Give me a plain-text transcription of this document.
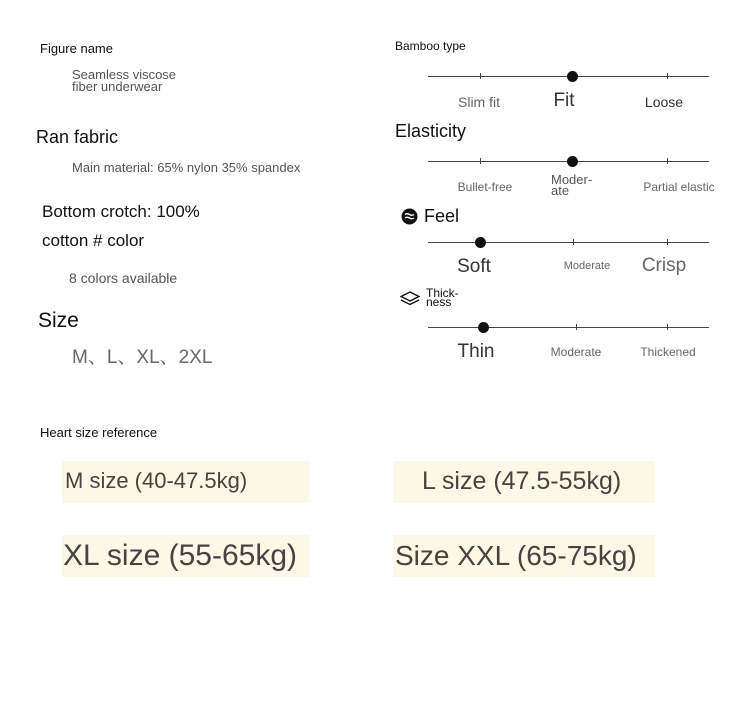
Figure name
Seamless viscose fiber underwear
Ran fabric
Main material: 65% nylon 35% spandex
Bottom crotch: 100%
cotton # color
8 colors available
Size
M、L、XL、2XL
Bamboo type
Slim fit	Fit	Loose
Elasticity
Bullet-free	Moder-ate	Partial elastic
Feel
Soft	Moderate Crisp
Thick-ness
Thin	Moderate	Thickened
Heart size reference
M size (40-47.5kg)	L size (47.5-55kg)
XL size (55-65kg)	Size XXL (65-75kg)
